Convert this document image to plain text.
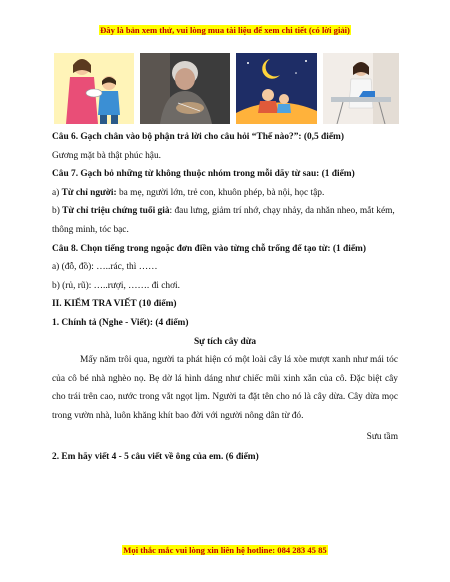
Đây là bản xem thử, vui lòng mua tài liệu để xem chi tiết (có lời giải)

Câu 6. Gạch chân vào bộ phận trả lời cho câu hỏi “Thế nào?”: (0,5 điểm)

Gương mặt bà thật phúc hậu.

Câu 7. Gạch bỏ những từ không thuộc nhóm trong mỗi dãy từ sau: (1 điểm)

a) Từ chỉ người: ba mẹ, người lớn, trẻ con, khuôn phép, bà nội, học tập.

b) Từ chỉ triệu chứng tuổi già: đau lưng, giảm trí nhớ, chạy nhảy, da nhăn nheo, mắt kém, thông minh, tóc bạc.

Câu 8. Chọn tiếng trong ngoặc đơn điền vào từng chỗ trống để tạo từ: (1 điểm)

a) (đỗ, đồ): …..rác, thì ……

b) (rủ, rũ): …..rượi, ……. đi chơi.

II. KIỂM TRA VIẾT (10 điểm)

1. Chính tả (Nghe - Viết): (4 điểm)

Sự tích cây dừa

Mấy năm trôi qua, người ta phát hiện có một loài cây lá xòe mượt xanh như mái tóc của cô bé nhà nghèo nọ. Bẹ dờ lá hình dáng như chiếc mũi xinh xắn của cô. Đặc biệt cây cho trái trên cao, nước trong vắt ngọt lịm. Người ta đặt tên cho nó là cây dừa. Cây dừa mọc trong vườn nhà, luôn khăng khít bao đời với người nông dân từ đó.

Sưu tầm

2. Em hãy viết 4 - 5 câu viết về ông của em. (6 điểm)

Mọi thắc mắc vui lòng xin liên hệ hotline: 084 283 45 85
